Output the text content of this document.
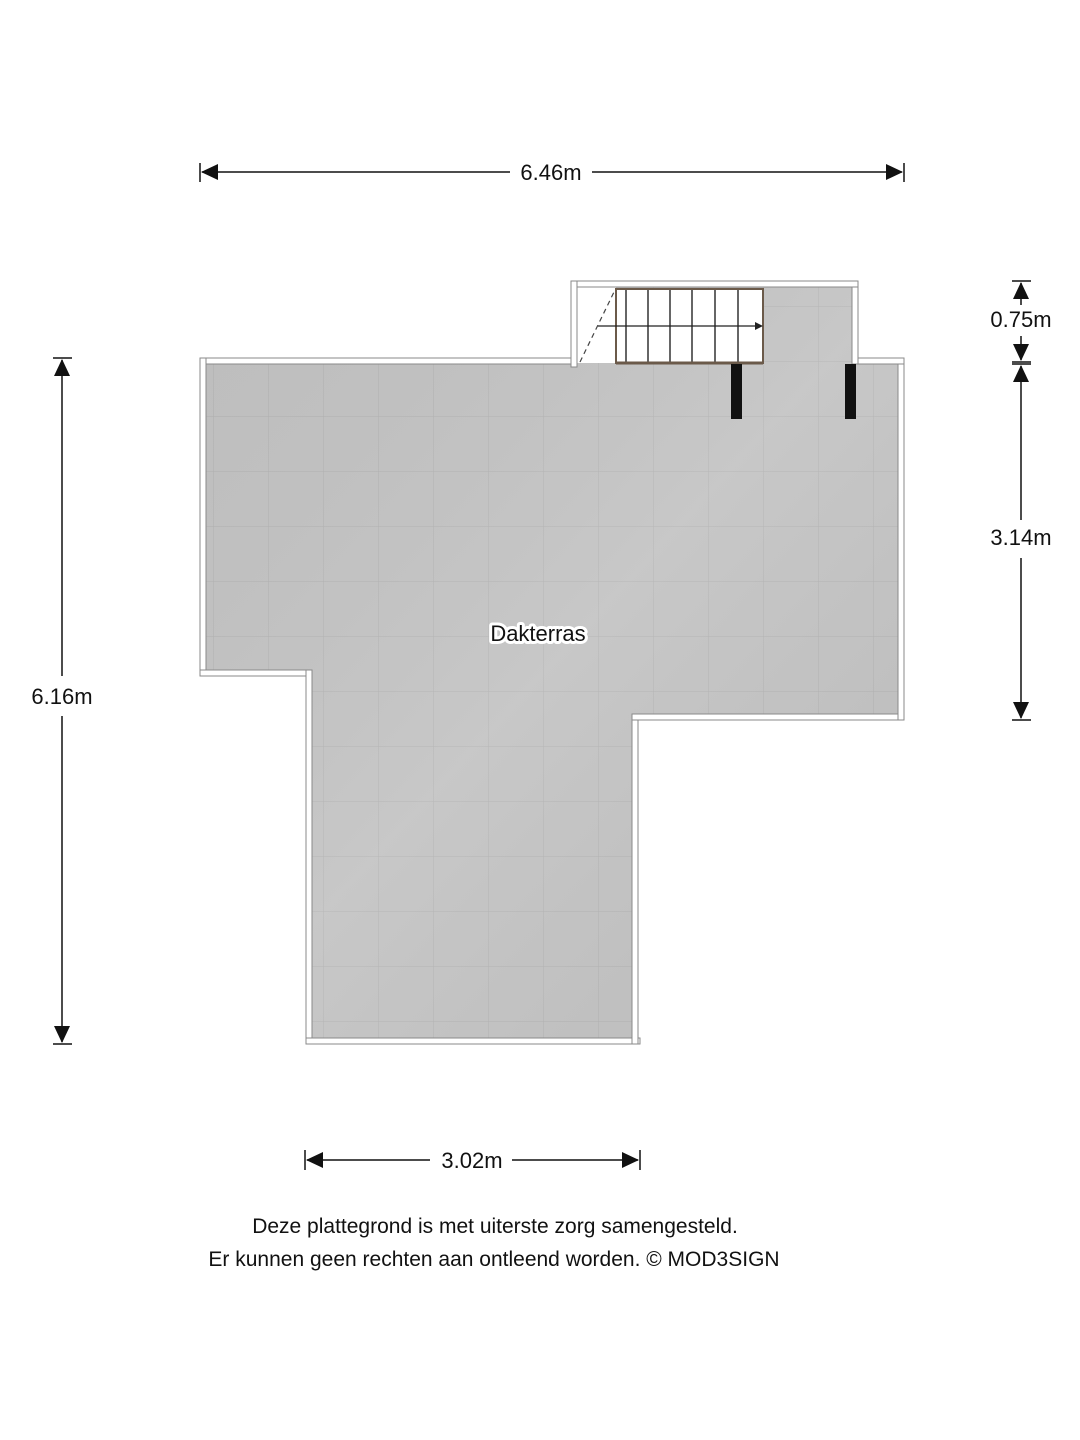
Dakterras
6.46m
3.02m
6.16m
0.75m
3.14m
Deze plattegrond is met uiterste zorg samengesteld.
Er kunnen geen rechten aan ontleend worden. © MOD3SIGN
